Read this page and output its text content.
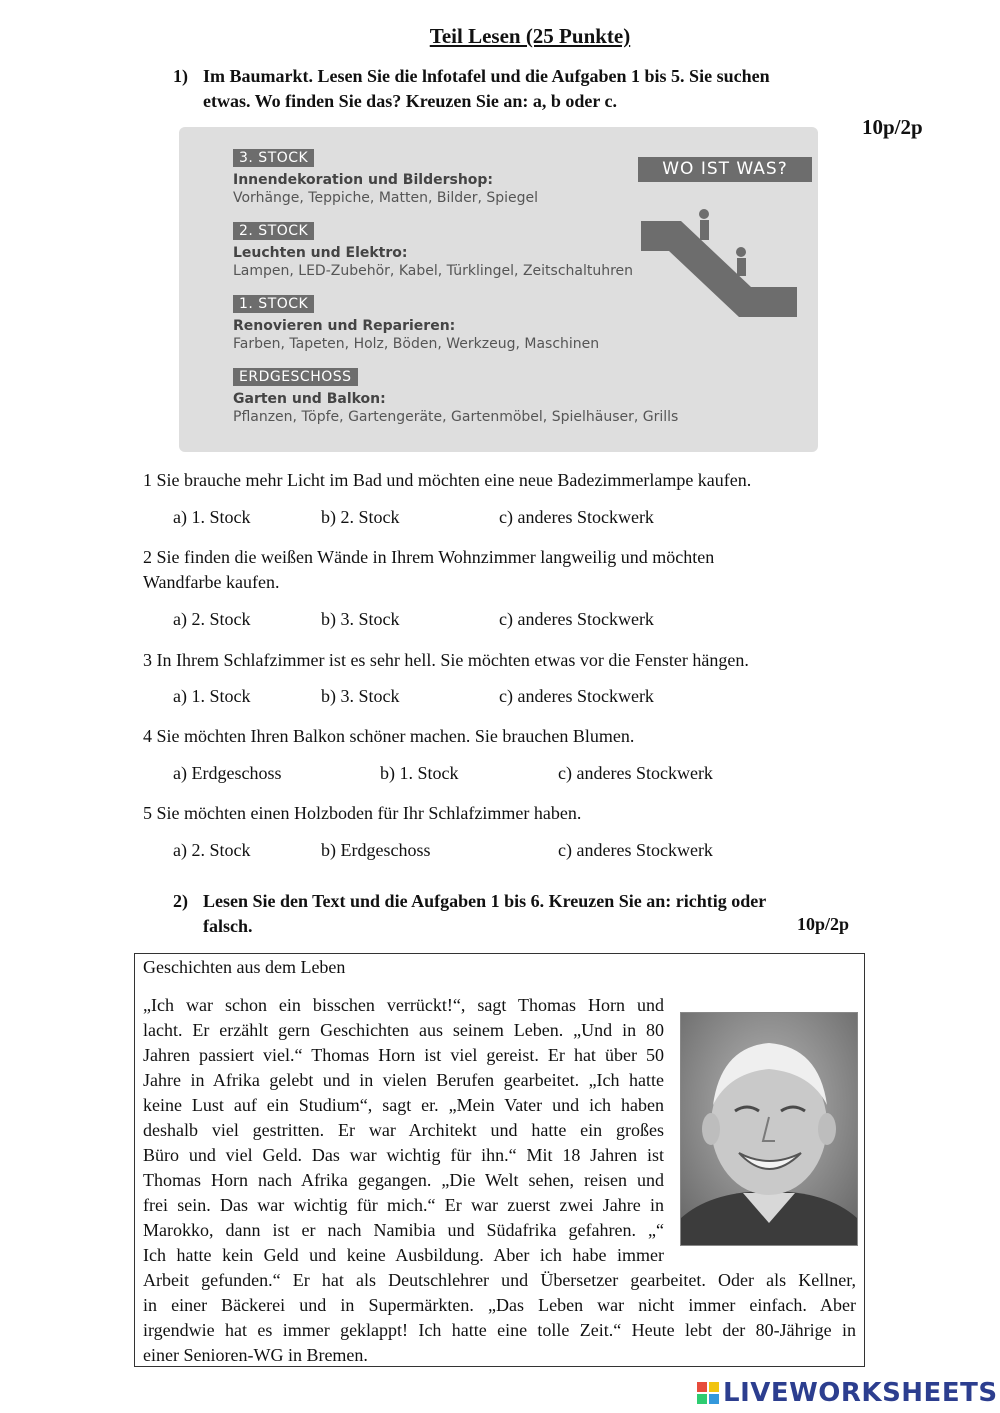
Teil Lesen (25 Punkte)
1) Im Baumarkt. Lesen Sie die lnfotafel und die Aufgaben 1 bis 5. Sie suchen
etwas. Wo finden Sie das? Kreuzen Sie an: a, b oder c.
10p/2p
3. STOCK
Innendekoration und Bildershop:
Vorhänge, Teppiche, Matten, Bilder, Spiegel
2. STOCK
Leuchten und Elektro:
Lampen, LED-Zubehör, Kabel, Türklingel, Zeitschaltuhren
1. STOCK
Renovieren und Reparieren:
Farben, Tapeten, Holz, Böden, Werkzeug, Maschinen
ERDGESCHOSS
Garten und Balkon:
Pflanzen, Töpfe, Gartengeräte, Gartenmöbel, Spielhäuser, Grills
WO IST WAS?
1 Sie brauche mehr Licht im Bad und möchten eine neue Badezimmerlampe kaufen.
a) 1. Stock	b) 2. Stock	c) anderes Stockwerk
2 Sie finden die weißen Wände in Ihrem Wohnzimmer langweilig und möchten
Wandfarbe kaufen.
a) 2. Stock	b) 3. Stock	c) anderes Stockwerk
3 In Ihrem Schlafzimmer ist es sehr hell. Sie möchten etwas vor die Fenster hängen.
a) 1. Stock	b) 3. Stock	c) anderes Stockwerk
4 Sie möchten Ihren Balkon schöner machen. Sie brauchen Blumen.
a) Erdgeschoss	b) 1. Stock	c) anderes Stockwerk
5 Sie möchten einen Holzboden für Ihr Schlafzimmer haben.
a) 2. Stock	b) Erdgeschoss	c) anderes Stockwerk
2) Lesen Sie den Text und die Aufgaben 1 bis 6. Kreuzen Sie an: richtig oder
falsch.	10p/2p
Geschichten aus dem Leben
„Ich war schon ein bisschen verrückt!“, sagt Thomas Horn und
lacht. Er erzählt gern Geschichten aus seinem Leben. „Und in 80
Jahren passiert viel.“ Thomas Horn ist viel gereist. Er hat über 50
Jahre in Afrika gelebt und in vielen Berufen gearbeitet. „Ich hatte
keine Lust auf ein Studium“, sagt er. „Mein Vater und ich haben
deshalb viel gestritten. Er war Architekt und hatte ein großes
Büro und viel Geld. Das war wichtig für ihn.“ Mit 18 Jahren ist
Thomas Horn nach Afrika gegangen. „Die Welt sehen, reisen und
frei sein. Das war wichtig für mich.“ Er war zuerst zwei Jahre in
Marokko, dann ist er nach Namibia und Südafrika gefahren. „“
Ich hatte kein Geld und keine Ausbildung. Aber ich habe immer
Arbeit gefunden.“ Er hat als Deutschlehrer und Übersetzer gearbeitet. Oder als Kellner,
in einer Bäckerei und in Supermärkten. „Das Leben war nicht immer einfach. Aber
irgendwie hat es immer geklappt! Ich hatte eine tolle Zeit.“ Heute lebt der 80-Jährige in
einer Senioren-WG in Bremen.
LIVEWORKSHEETS
